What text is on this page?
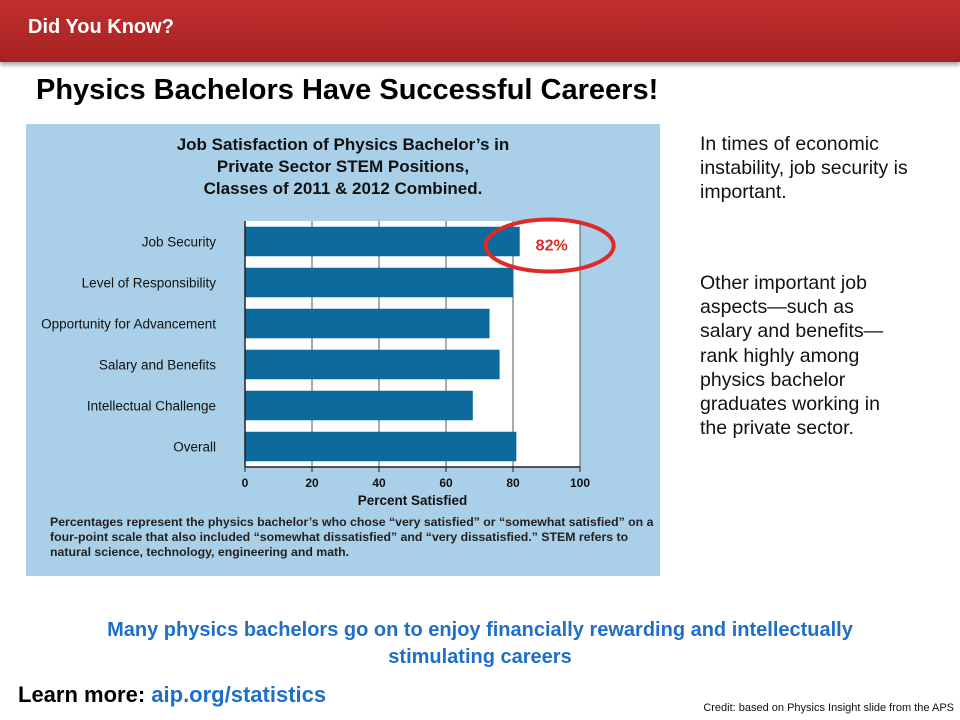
Did You Know?
Physics Bachelors Have Successful Careers!
Job Satisfaction of Physics Bachelor’s in
Private Sector STEM Positions,
Classes of 2011 & 2012 Combined.
Job Security
Level of Responsibility
Opportunity for Advancement
Salary and Benefits
Intellectual Challenge
Overall
0	20	40	60	80	100
Percent Satisfied
82%
Percentages represent the physics bachelor’s who chose “very satisfied” or “somewhat satisfied” on a four-point scale that also included “somewhat dissatisfied” and “very dissatisfied.” STEM refers to natural science, technology, engineering and math.
In times of economic instability, job security is important.
Other important job aspects—such as salary and benefits—rank highly among physics bachelor graduates working in the private sector.
Many physics bachelors go on to enjoy financially rewarding and intellectually stimulating careers
Learn more: aip.org/statistics
Credit: based on Physics Insight slide from the APS
